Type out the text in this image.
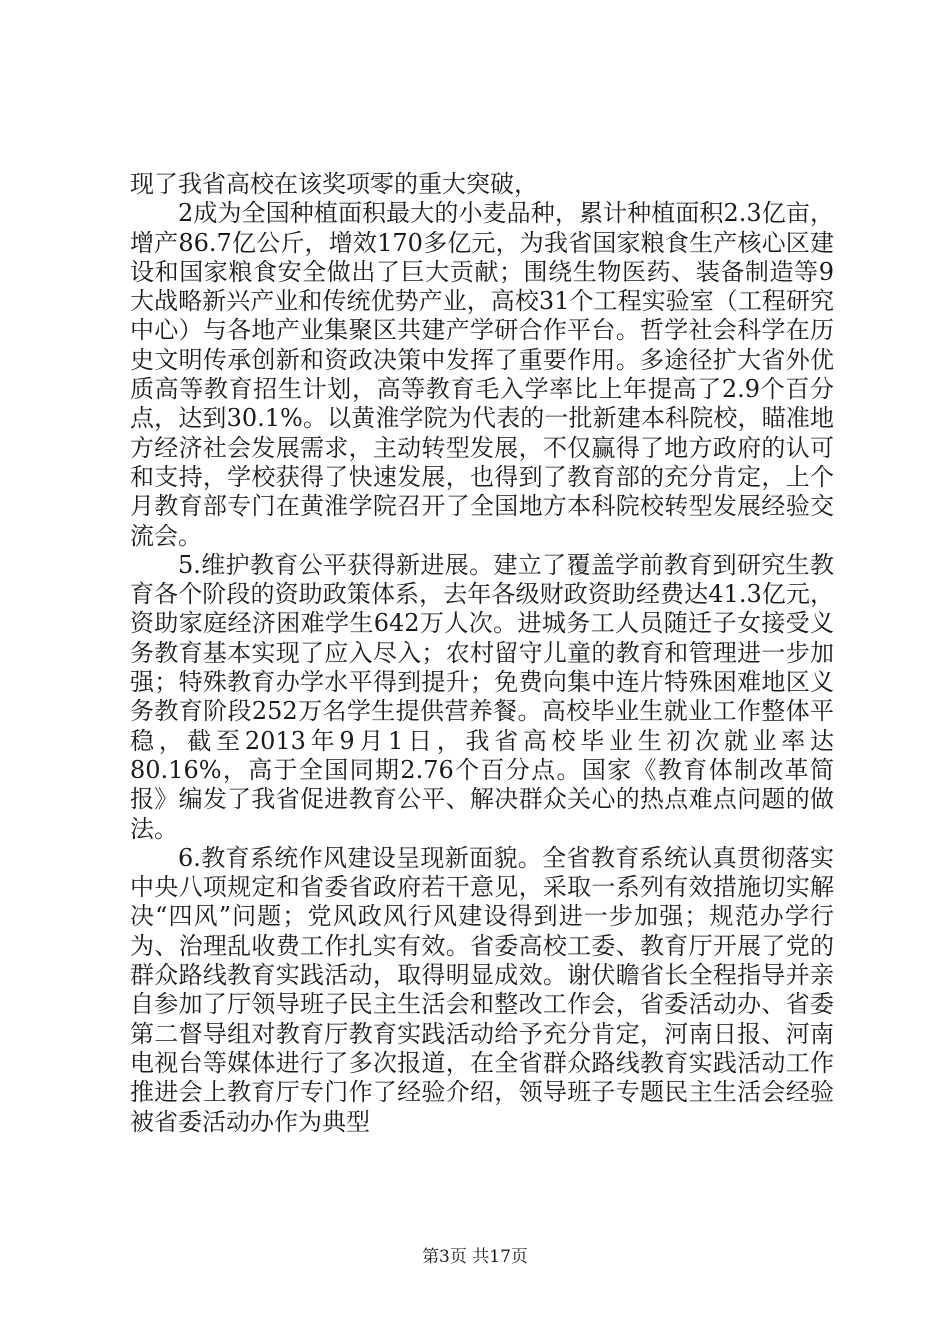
现了我省高校在该奖项零的重大突破，

2成为全国种植面积最大的小麦品种，累计种植面积2.3亿亩，增产86.7亿公斤，增效170多亿元，为我省国家粮食生产核心区建设和国家粮食安全做出了巨大贡献；围绕生物医药、装备制造等9大战略新兴产业和传统优势产业，高校31个工程实验室（工程研究中心）与各地产业集聚区共建产学研合作平台。哲学社会科学在历史文明传承创新和资政决策中发挥了重要作用。多途径扩大省外优质高等教育招生计划，高等教育毛入学率比上年提高了2.9个百分点，达到30.1%。以黄淮学院为代表的一批新建本科院校，瞄准地方经济社会发展需求，主动转型发展，不仅赢得了地方政府的认可和支持，学校获得了快速发展，也得到了教育部的充分肯定，上个月教育部专门在黄淮学院召开了全国地方本科院校转型发展经验交流会。

5.维护教育公平获得新进展。建立了覆盖学前教育到研究生教育各个阶段的资助政策体系，去年各级财政资助经费达41.3亿元，资助家庭经济困难学生642万人次。进城务工人员随迁子女接受义务教育基本实现了应入尽入；农村留守儿童的教育和管理进一步加强；特殊教育办学水平得到提升；免费向集中连片特殊困难地区义务教育阶段252万名学生提供营养餐。高校毕业生就业工作整体平稳，截至2013年9月1日，我省高校毕业生初次就业率达80.16%，高于全国同期2.76个百分点。国家《教育体制改革简报》编发了我省促进教育公平、解决群众关心的热点难点问题的做法。

6.教育系统作风建设呈现新面貌。全省教育系统认真贯彻落实中央八项规定和省委省政府若干意见，采取一系列有效措施切实解决“四风”问题；党风政风行风建设得到进一步加强；规范办学行为、治理乱收费工作扎实有效。省委高校工委、教育厅开展了党的群众路线教育实践活动，取得明显成效。谢伏瞻省长全程指导并亲自参加了厅领导班子民主生活会和整改工作会，省委活动办、省委第二督导组对教育厅教育实践活动给予充分肯定，河南日报、河南电视台等媒体进行了多次报道，在全省群众路线教育实践活动工作推进会上教育厅专门作了经验介绍，领导班子专题民主生活会经验被省委活动办作为典型

第3页 共17页
